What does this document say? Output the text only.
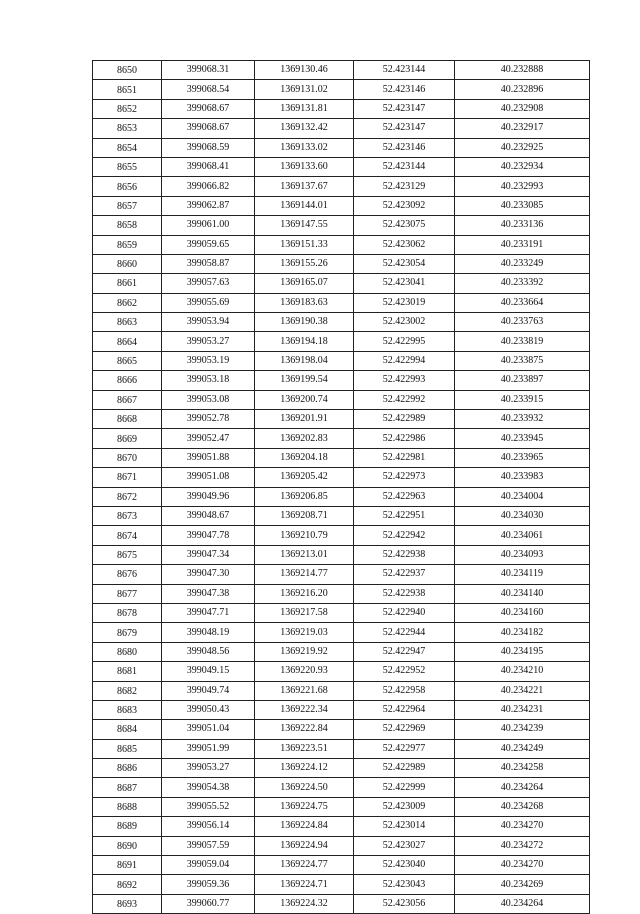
8650	399068.31	1369130.46	52.423144	40.232888
8651	399068.54	1369131.02	52.423146	40.232896
8652	399068.67	1369131.81	52.423147	40.232908
8653	399068.67	1369132.42	52.423147	40.232917
8654	399068.59	1369133.02	52.423146	40.232925
8655	399068.41	1369133.60	52.423144	40.232934
8656	399066.82	1369137.67	52.423129	40.232993
8657	399062.87	1369144.01	52.423092	40.233085
8658	399061.00	1369147.55	52.423075	40.233136
8659	399059.65	1369151.33	52.423062	40.233191
8660	399058.87	1369155.26	52.423054	40.233249
8661	399057.63	1369165.07	52.423041	40.233392
8662	399055.69	1369183.63	52.423019	40.233664
8663	399053.94	1369190.38	52.423002	40.233763
8664	399053.27	1369194.18	52.422995	40.233819
8665	399053.19	1369198.04	52.422994	40.233875
8666	399053.18	1369199.54	52.422993	40.233897
8667	399053.08	1369200.74	52.422992	40.233915
8668	399052.78	1369201.91	52.422989	40.233932
8669	399052.47	1369202.83	52.422986	40.233945
8670	399051.88	1369204.18	52.422981	40.233965
8671	399051.08	1369205.42	52.422973	40.233983
8672	399049.96	1369206.85	52.422963	40.234004
8673	399048.67	1369208.71	52.422951	40.234030
8674	399047.78	1369210.79	52.422942	40.234061
8675	399047.34	1369213.01	52.422938	40.234093
8676	399047.30	1369214.77	52.422937	40.234119
8677	399047.38	1369216.20	52.422938	40.234140
8678	399047.71	1369217.58	52.422940	40.234160
8679	399048.19	1369219.03	52.422944	40.234182
8680	399048.56	1369219.92	52.422947	40.234195
8681	399049.15	1369220.93	52.422952	40.234210
8682	399049.74	1369221.68	52.422958	40.234221
8683	399050.43	1369222.34	52.422964	40.234231
8684	399051.04	1369222.84	52.422969	40.234239
8685	399051.99	1369223.51	52.422977	40.234249
8686	399053.27	1369224.12	52.422989	40.234258
8687	399054.38	1369224.50	52.422999	40.234264
8688	399055.52	1369224.75	52.423009	40.234268
8689	399056.14	1369224.84	52.423014	40.234270
8690	399057.59	1369224.94	52.423027	40.234272
8691	399059.04	1369224.77	52.423040	40.234270
8692	399059.36	1369224.71	52.423043	40.234269
8693	399060.77	1369224.32	52.423056	40.234264
